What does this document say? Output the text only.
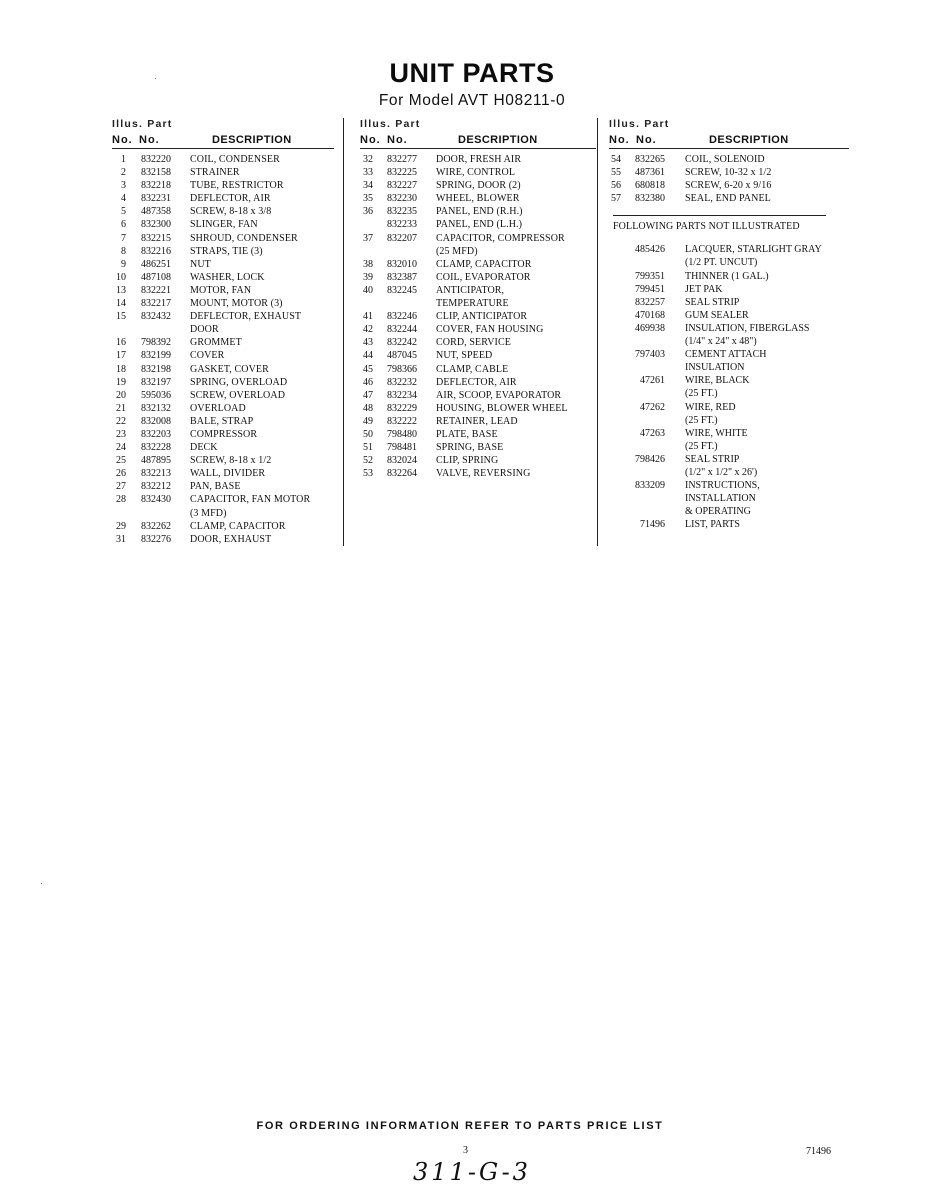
UNIT PARTS
For Model AVT H08211-0
Illus. Part
No. No.	DESCRIPTION
1 832220 COIL, CONDENSER
2 832158 STRAINER
3 832218 TUBE, RESTRICTOR
4 832231 DEFLECTOR, AIR
5 487358 SCREW, 8-18 x 3/8
6 832300 SLINGER, FAN
7 832215 SHROUD, CONDENSER
8 832216 STRAPS, TIE (3)
9 486251 NUT
10 487108 WASHER, LOCK
13 832221 MOTOR, FAN
14 832217 MOUNT, MOTOR (3)
15 832432 DEFLECTOR, EXHAUST
DOOR
16 798392 GROMMET
17 832199 COVER
18 832198 GASKET, COVER
19 832197 SPRING, OVERLOAD
20 595036 SCREW, OVERLOAD
21 832132 OVERLOAD
22 832008 BALE, STRAP
23 832203 COMPRESSOR
24 832228 DECK
25 487895 SCREW, 8-18 x 1/2
26 832213 WALL, DIVIDER
27 832212 PAN, BASE
28 832430 CAPACITOR, FAN MOTOR
(3 MFD)
29 832262 CLAMP, CAPACITOR
31 832276 DOOR, EXHAUST
Illus. Part
No. No.	DESCRIPTION
32 832277 DOOR, FRESH AIR
33 832225 WIRE, CONTROL
34 832227 SPRING, DOOR (2)
35 832230 WHEEL, BLOWER
36 832235 PANEL, END (R.H.)
832233 PANEL, END (L.H.)
37 832207 CAPACITOR, COMPRESSOR
(25 MFD)
38 832010 CLAMP, CAPACITOR
39 832387 COIL, EVAPORATOR
40 832245 ANTICIPATOR,
TEMPERATURE
41 832246 CLIP, ANTICIPATOR
42 832244 COVER, FAN HOUSING
43 832242 CORD, SERVICE
44 487045 NUT, SPEED
45 798366 CLAMP, CABLE
46 832232 DEFLECTOR, AIR
47 832234 AIR, SCOOP, EVAPORATOR
48 832229 HOUSING, BLOWER WHEEL
49 832222 RETAINER, LEAD
50 798480 PLATE, BASE
51 798481 SPRING, BASE
52 832024 CLIP, SPRING
53 832264 VALVE, REVERSING
Illus. Part
No. No.	DESCRIPTION
54 832265 COIL, SOLENOID
55 487361 SCREW, 10-32 x 1/2
56 680818 SCREW, 6-20 x 9/16
57 832380 SEAL, END PANEL
FOLLOWING PARTS NOT ILLUSTRATED
485426 LACQUER, STARLIGHT GRAY
(1/2 PT. UNCUT)
799351 THINNER (1 GAL.)
799451 JET PAK
832257 SEAL STRIP
470168 GUM SEALER
469938 INSULATION, FIBERGLASS
(1/4" x 24" x 48")
797403 CEMENT ATTACH
INSULATION
47261 WIRE, BLACK
(25 FT.)
47262 WIRE, RED
(25 FT.)
47263 WIRE, WHITE
(25 FT.)
798426 SEAL STRIP
(1/2" x 1/2" x 26')
833209 INSTRUCTIONS,
INSTALLATION
& OPERATING
71496 LIST, PARTS
FOR ORDERING INFORMATION REFER TO PARTS PRICE LIST
3	71496
311-G-3
